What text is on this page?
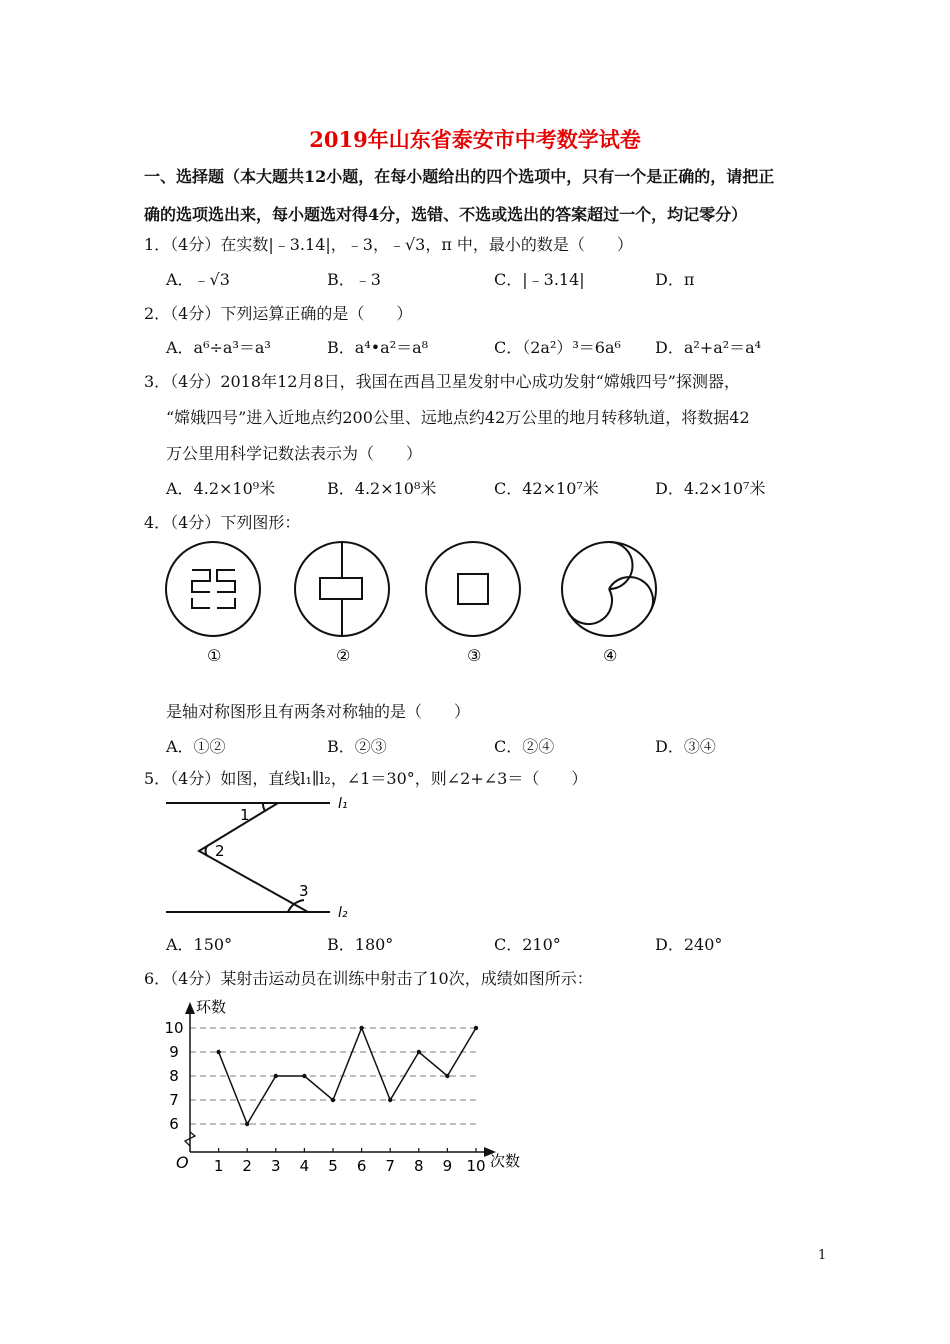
2019年山东省泰安市中考数学试卷
一、选择题（本大题共12小题，在每小题给出的四个选项中，只有一个是正确的，请把正
确的选项选出来，每小题选对得4分，选错、不选或选出的答案超过一个，均记零分）
1．（4分）在实数|﹣3.14|，﹣3，﹣√3，π 中，最小的数是（　　）
A．﹣√3	B．﹣3	C．|﹣3.14|	D．π
2．（4分）下列运算正确的是（　　）
A．a⁶÷a³＝a³	B．a⁴•a²＝a⁸	C．（2a²）³＝6a⁶ D．a²+a²＝a⁴
3．（4分）2018年12月8日，我国在西昌卫星发射中心成功发射“嫦娥四号”探测器，
“嫦娥四号”进入近地点约200公里、远地点约42万公里的地月转移轨道，将数据42
万公里用科学记数法表示为（　　）
A．4.2×10⁹米	B．4.2×10⁸米	C．42×10⁷米	D．4.2×10⁷米
4．（4分）下列图形：
①	②	③	④
是轴对称图形且有两条对称轴的是（　　）
A．①②	B．②③	C．②④	D．③④
5．（4分）如图，直线l₁∥l₂，∠1＝30°，则∠2+∠3＝（　　）
l₁
l₂
1
2
3
A．150°	B．180°	C．210°	D．240°
6．（4分）某射击运动员在训练中射击了10次，成绩如图所示：
6
7
8
9
10
1 2 3 4 5 6 7 8 9 10
环数
次数
O
1
